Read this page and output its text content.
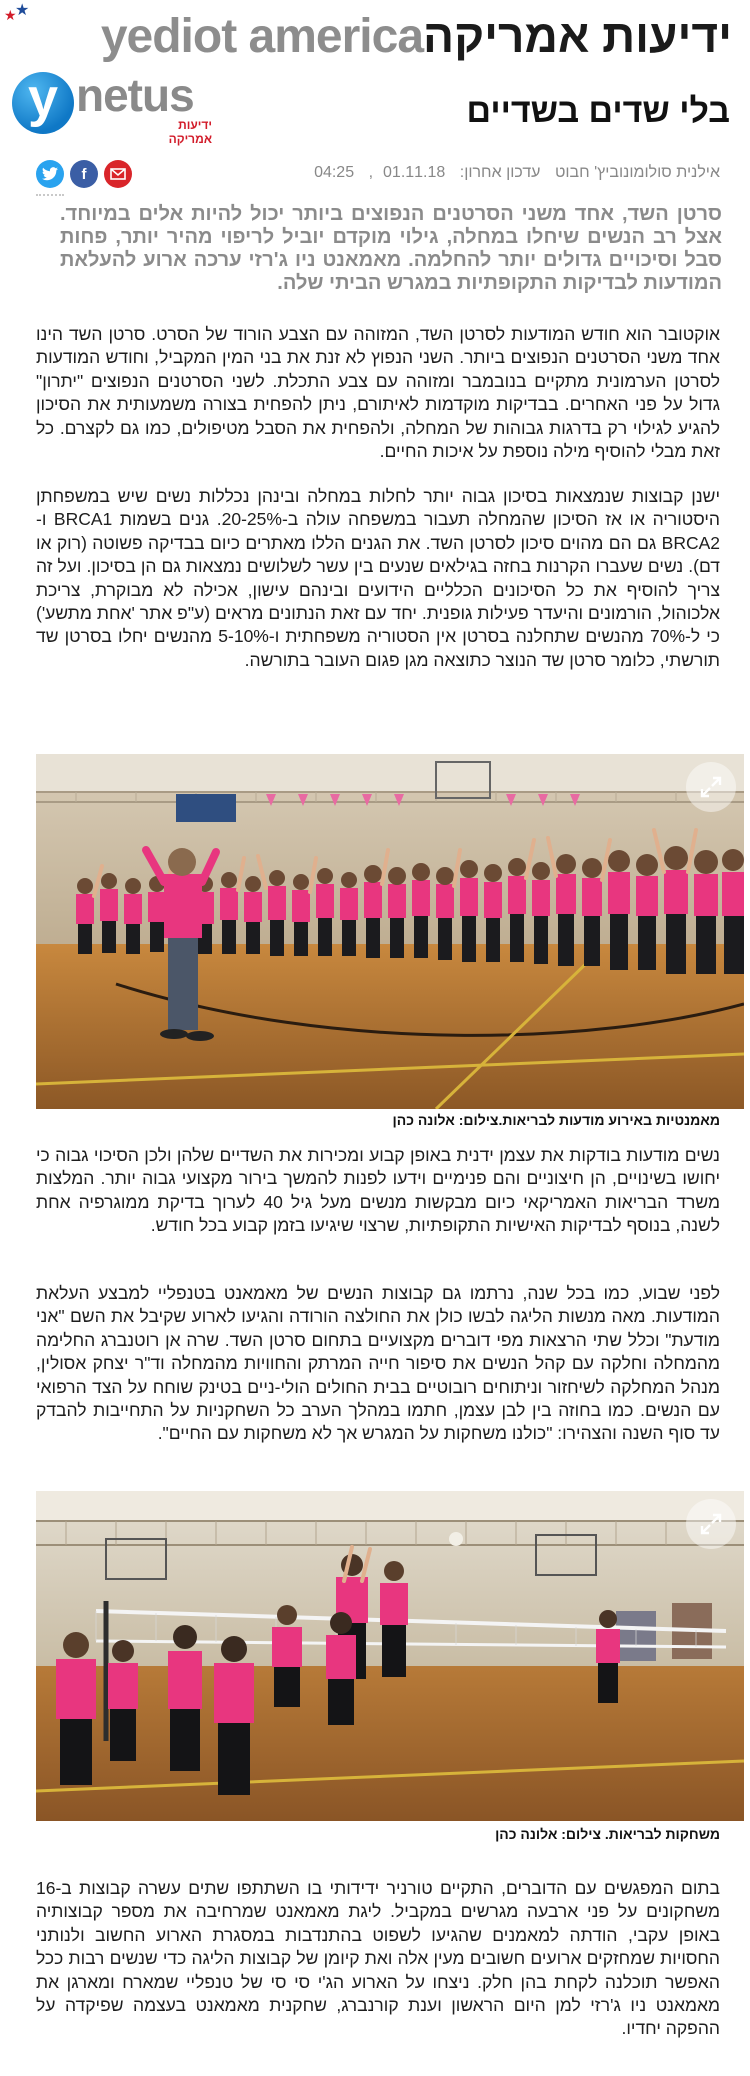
★
★ yediot america ידיעות אמריקה
y netus
ידיעות אמריקה
בלי שדים בשדיים
אילנית סולומונוביץ' חבוט עדכון אחרון: 01.11.18, 04:25
f

סרטן השד, אחד משני הסרטנים הנפוצים ביותר יכול להיות אלים במיוחד. אצל רב הנשים שיחלו במחלה, גילוי מוקדם יוביל לריפוי מהיר יותר, פחות סבל וסיכויים גדולים יותר להחלמה. מאמאנט ניו ג'רזי ערכה ארוע להעלאת המודעות לבדיקות התקופתיות במגרש הביתי שלה.

אוקטובר הוא חודש המודעות לסרטן השד, המזוהה עם הצבע הורוד של הסרט. סרטן השד הינו אחד משני הסרטנים הנפוצים ביותר. השני הנפוץ לא זנת את בני המין המקביל, וחודש המודעות לסרטן הערמונית מתקיים בנובמבר ומזוהה עם צבע התכלת. לשני הסרטנים הנפוצים "יתרון" גדול על פני האחרים. בבדיקות מוקדמות לאיתורם, ניתן להפחית בצורה משמעותית את הסיכון להגיע לגילוי רק בדרגות גבוהות של המחלה, ולהפחית את הסבל מטיפולים, כמו גם לקצרם. כל זאת מבלי להוסיף מילה נוספת על איכות החיים.

ישנן קבוצות שנמצאות בסיכון גבוה יותר לחלות במחלה ובינהן נכללות נשים שיש במשפחתן היסטוריה או אז הסיכון שהמחלה תעבור במשפחה עולה ב-20-25%. גנים בשמות BRCA1 ו- BRCA2 גם הם מהוים סיכון לסרטן השד. את הגנים הללו מאתרים כיום בבדיקה פשוטה (רוק או דם). נשים שעברו הקרנות בחזה בגילאים שנעים בין עשר לשלושים נמצאות גם הן בסיכון. ועל זה צריך להוסיף את כל הסיכונים הכלליים הידועים ובינהם עישון, אכילה לא מבוקרת, צריכת אלכוהול, הורמונים והיעדר פעילות גופנית. יחד עם זאת הנתונים מראים (ע"פ אתר 'אחת מתשע') כי ל-70% מהנשים שתחלנה בסרטן אין הסטוריה משפחתית ו-5-10% מהנשים יחלו בסרטן שד תורשתי, כלומר סרטן שד הנוצר כתוצאה מגן פגום העובר בתורשה.

מאמנטיות באירוע מודעות לבריאות.צילום: אלונה כהן

נשים מודעות בודקות את עצמן ידנית באופן קבוע ומכירות את השדיים שלהן ולכן הסיכוי גבוה כי יחושו בשינויים, הן חיצוניים והם פנימיים וידעו לפנות להמשך בירור מקצועי גבוה יותר. המלצות משרד הבריאות האמריקאי כיום מבקשות מנשים מעל גיל 40 לערוך בדיקת ממוגרפיה אחת לשנה, בנוסף לבדיקות האישיות התקופתיות, שרצוי שיגיעו בזמן קבוע בכל חודש.

לפני שבוע, כמו בכל שנה, נרתמו גם קבוצות הנשים של מאמאנט בטנפליי למבצע העלאת המודעות. מאה מנשות הליגה לבשו כולן את החולצה הורודה והגיעו לארוע שקיבל את השם "אני מודעת" וכלל שתי הרצאות מפי דוברים מקצועיים בתחום סרטן השד. שרה אן רוטנברג החלימה מהמחלה וחלקה עם קהל הנשים את סיפור חייה המרתק והחוויות מהמחלה וד"ר יצחק אסולין, מנהל המחלקה לשיחזור וניתוחים רובוטיים בבית החולים הולי-ניים בטינק שוחח על הצד הרפואי עם הנשים. כמו בחוזה בין לבן עצמן, חתמו במהלך הערב כל השחקניות על התחייבות להבדק עד סוף השנה והצהירו: "כולנו משחקות על המגרש אך לא משחקות עם החיים".

משחקות לבריאות. צילום: אלונה כהן

בתום המפגשים עם הדוברים, התקיים טורניר ידידותי בו השתתפו שתים עשרה קבוצות ב-16 משחקונים על פני ארבעה מגרשים במקביל. ליגת מאמאנט שמרחיבה את מספר קבוצותיה באופן עקבי, הודתה למאמנים שהגיעו לשפוט בהתנדבות במסגרת הארוע החשוב ולנותני החסויות שמחזקים ארועים חשובים מעין אלה ואת קיומן של קבוצות הליגה כדי שנשים רבות ככל האפשר תוכלנה לקחת בהן חלק. ניצחו על הארוע הג'י סי סי של טנפליי שמארח ומארגן את מאמאנט ניו ג'רזי למן היום הראשון וענת קורנברג, שחקנית מאמאנט בעצמה שפיקדה על ההפקה יחדיו.
